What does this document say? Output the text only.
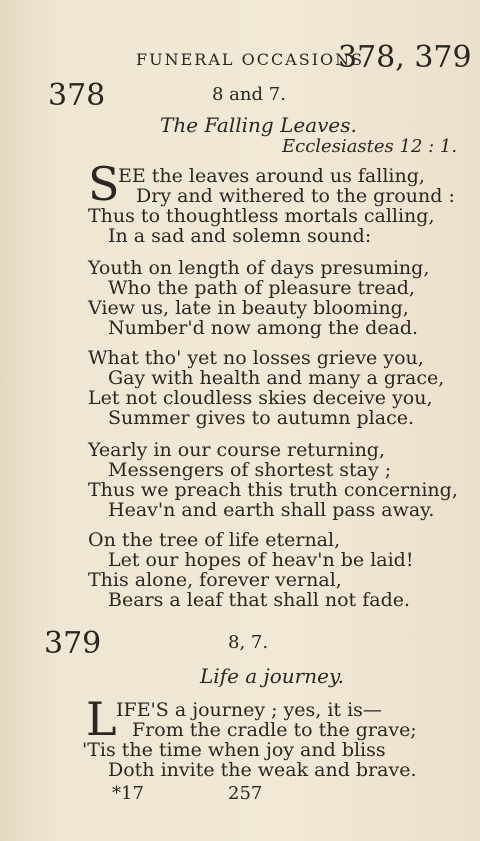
FUNERAL OCCASIONS.
378, 379
378	8 and 7.
The Falling Leaves.
Ecclesiastes 12 : 1.
S
EE the leaves around us falling,
Dry and withered to the ground :
Thus to thoughtless mortals calling,
In a sad and solemn sound:
Youth on length of days presuming,
Who the path of pleasure tread,
View us, late in beauty blooming,
Number'd now among the dead.
What tho' yet no losses grieve you,
Gay with health and many a grace,
Let not cloudless skies deceive you,
Summer gives to autumn place.
Yearly in our course returning,
Messengers of shortest stay ;
Thus we preach this truth concerning,
Heav'n and earth shall pass away.
On the tree of life eternal,
Let our hopes of heav'n be laid!
This alone, forever vernal,
Bears a leaf that shall not fade.
379	8, 7.
Life a journey.
L IFE'S a journey ; yes, it is—
From the cradle to the grave;
'Tis the time when joy and bliss
Doth invite the weak and brave.
*17	257
